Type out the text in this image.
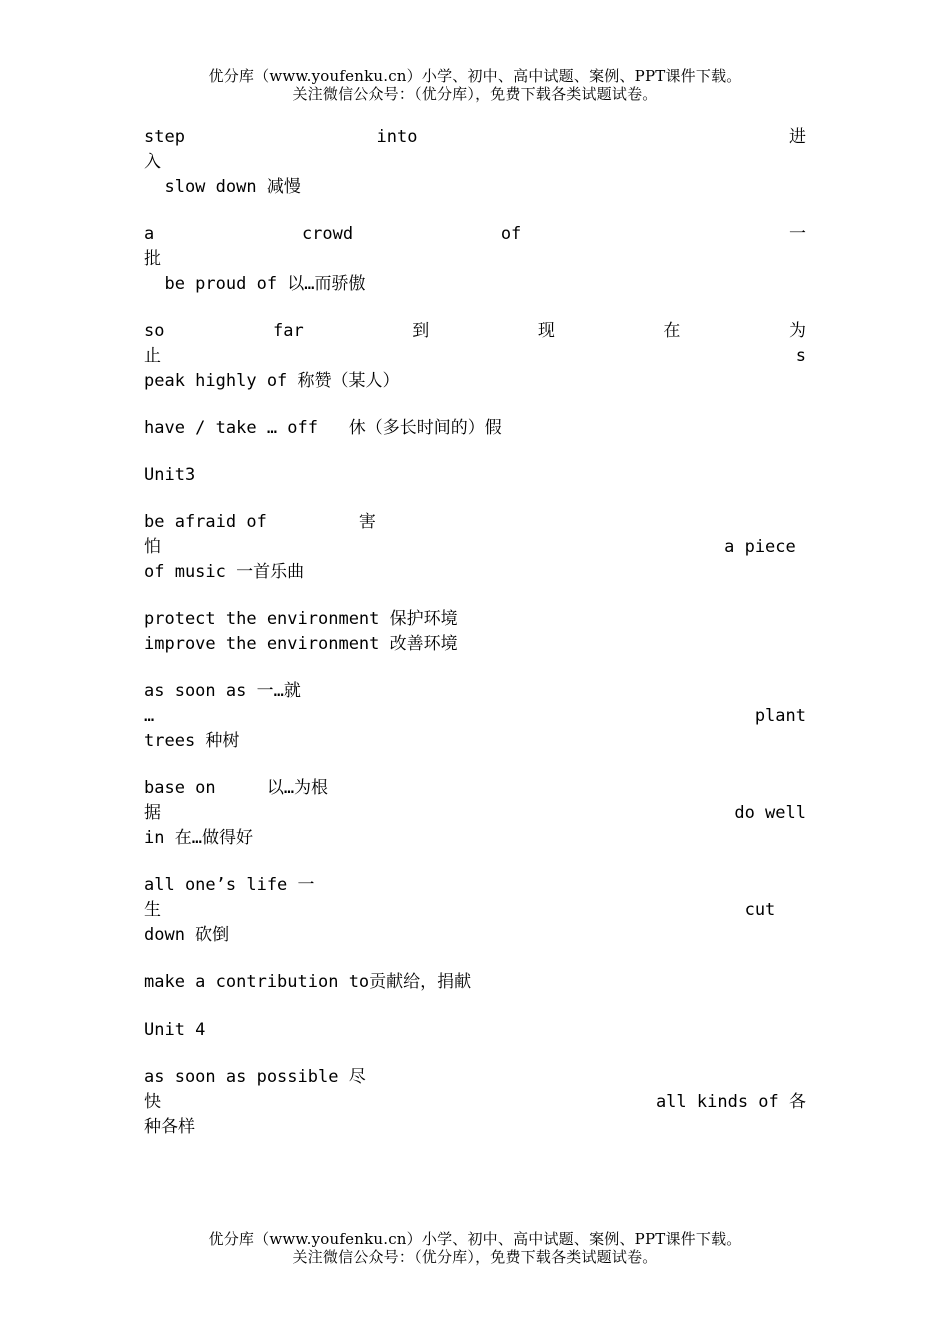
优分库（www.youfenku.cn）小学、初中、高中试题、案例、PPT课件下载。
关注微信公众号：（优分库），免费下载各类试题试卷。
step	into	进
入
slow down 减慢
a	crowd	of	一
批
be proud of 以…而骄傲
so	far	到	现	在	为
止	s
peak highly of 称赞（某人）
have / take … off   休（多长时间的）假
Unit3
be afraid of         害
怕	a piece
of music 一首乐曲
protect the environment 保护环境
improve the environment 改善环境
as soon as 一…就
…	plant
trees 种树
base on     以…为根
据	do well
in 在…做得好
all one’s life 一
生	cut
down 砍倒
make a contribution to贡献给，捐献
Unit 4
as soon as possible 尽
快	all kinds of 各
种各样
优分库（www.youfenku.cn）小学、初中、高中试题、案例、PPT课件下载。
关注微信公众号：（优分库），免费下载各类试题试卷。
